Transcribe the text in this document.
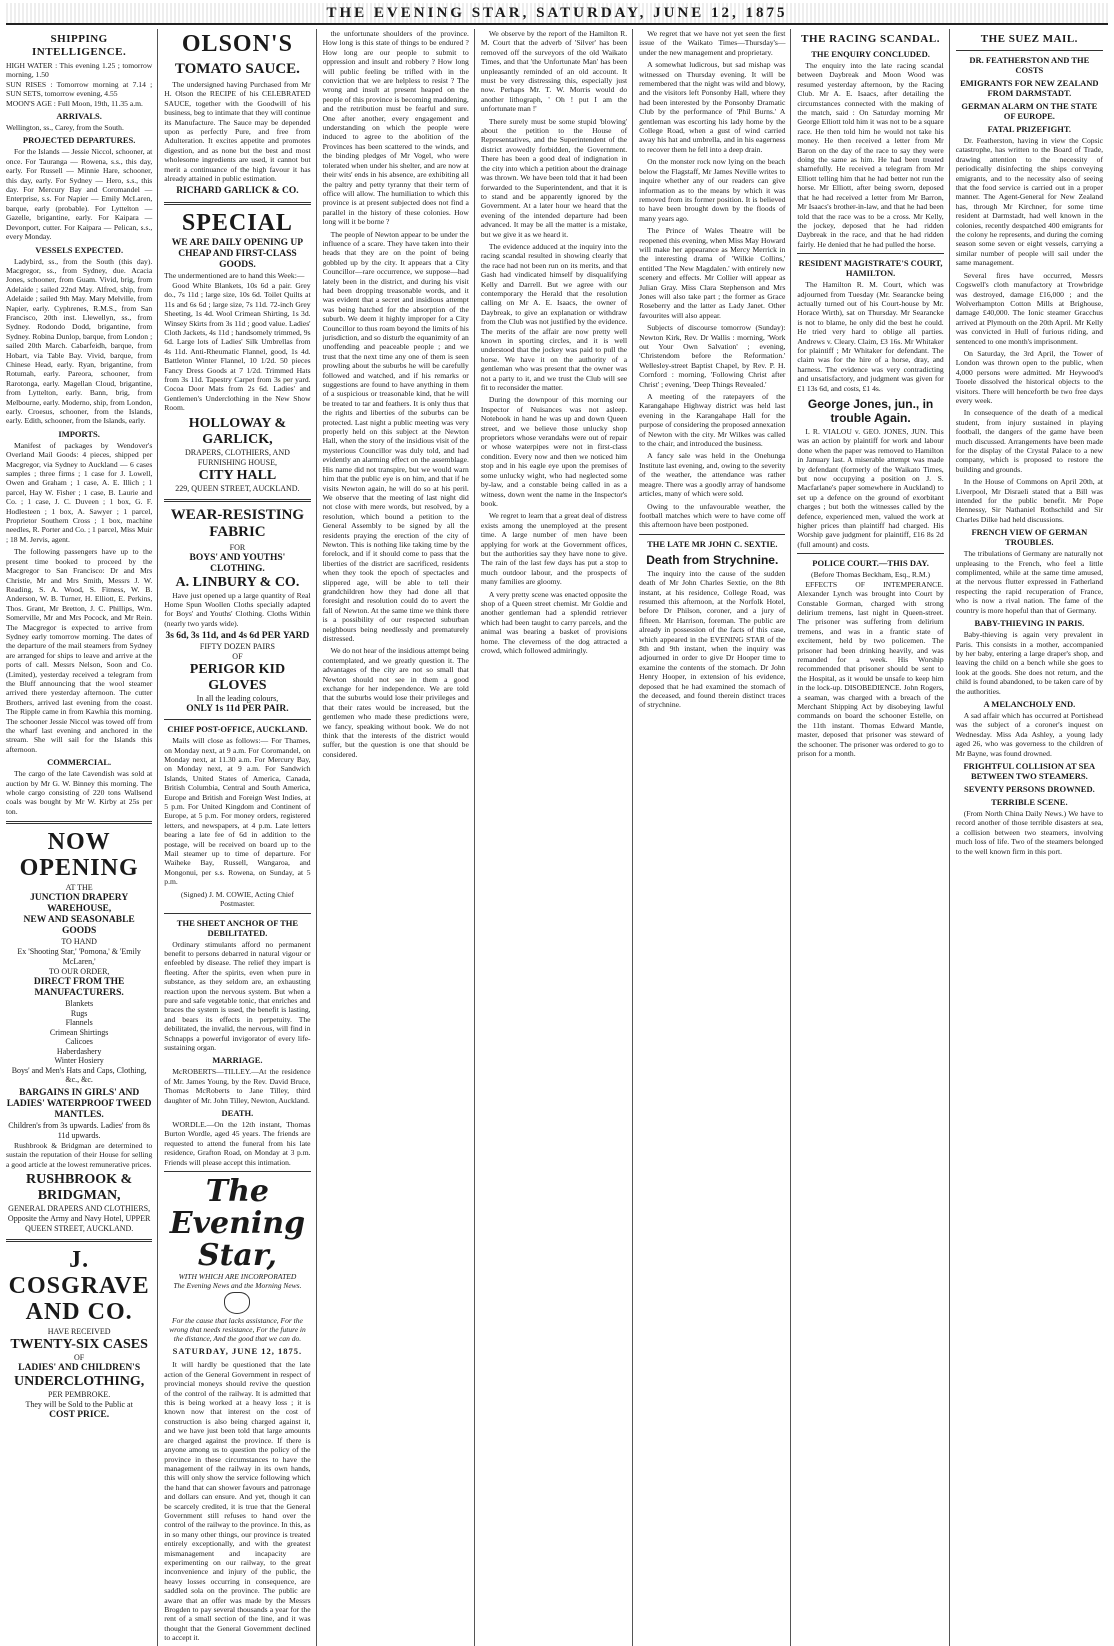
THE EVENING STAR, SATURDAY, JUNE 12, 1875
SHIPPING INTELLIGENCE.

HIGH WATER : This evening 1.25 ; tomorrow morning, 1.50

SUN RISES : Tomorrow morning at 7.14 ; SUN SETS, tomorrow evening, 4.55

MOON'S AGE : Full Moon, 19th, 11.35 a.m.

ARRIVALS.

Wellington, ss., Carey, from the South.

PROJECTED DEPARTURES.

For the Islands — Jessie Niccol, schooner, at once. For Tauranga — Rowena, s.s., this day, early. For Russell — Minnie Hare, schooner, this day, early. For Sydney — Hero, s.s., this day. For Mercury Bay and Coromandel — Enterprise, s.s. For Napier — Emily McLaren, barque, early (probable). For Lyttelton — Gazelle, brigantine, early. For Kaipara — Devonport, cutter. For Kaipara — Pelican, s.s., every Monday.

VESSELS EXPECTED.

Ladybird, ss., from the South (this day). Macgregor, ss., from Sydney, due. Acacia Jones, schooner, from Guam. Vivid, brig, from Adelaide ; sailed 22nd May. Alfred, ship, from Adelaide ; sailed 9th May. Mary Melville, from Napier, early. Cyphrenes, R.M.S., from San Francisco, 20th inst. Llewellyn, ss., from Sydney. Rodondo Dodd, brigantine, from Sydney. Robina Dunlop, barque, from London ; sailed 20th March. Cabarfeidh, barque, from Hobart, via Table Bay. Vivid, barque, from Chinese Head, early. Ryan, brigantine, from Rotumah, early. Pareora, schooner, from Rarotonga, early. Magellan Cloud, brigantine, from Lyttelton, early. Bann, brig, from Melbourne, early. Moderno, ship, from London, early. Croesus, schooner, from the Islands, early. Edith, schooner, from the Islands, early.

IMPORTS.

Manifest of packages by Wendover's Overland Mail Goods: 4 pieces, shipped per Macgregor, via Sydney to Auckland — 6 cases samples ; three firms ; 1 case for J. Lowell, Owen and Graham ; 1 case, A. E. Illich ; 1 parcel, Hay W. Fisher ; 1 case, B. Laurie and Co. ; 1 case, J. C. Duveen ; 1 box, G. F. Hodlesteen ; 1 box, A. Sawyer ; 1 parcel, Proprietor Southern Cross ; 1 box, machine needles, R. Porter and Co. ; 1 parcel, Miss Muir ; 18 M. Jervis, agent.

The following passengers have up to the present time booked to proceed by the Macgregor to San Francisco: Dr and Mrs Christie, Mr and Mrs Smith, Messrs J. W. Reading, S. A. Wood, S. Fitness, W. B. Anderson, W. B. Turner, H. Elliott, E. Perkins, Thos. Grant, Mr Bretton, J. C. Phillips, Wm. Somerville, Mr and Mrs Pocock, and Mr Rein. The Macgregor is expected to arrive from Sydney early tomorrow morning. The dates of the departure of the mail steamers from Sydney are arranged for ships to leave and arrive at the ports of call. Messrs Nelson, Soon and Co. (Limited), yesterday received a telegram from the Bluff announcing that the wool steamer arrived there yesterday afternoon. The cutter Brothers, arrived last evening from the coast. The Ripple came in from Kawhia this morning. The schooner Jessie Niccol was towed off from the wharf last evening and anchored in the stream. She will sail for the Islands this afternoon.

COMMERCIAL.

The cargo of the late Cavendish was sold at auction by Mr G. W. Binney this morning. The whole cargo consisting of 220 tons Wallsend coals was bought by Mr W. Kirby at 25s per ton.

NOW OPENING
AT THE
JUNCTION DRAPERY WAREHOUSE,
NEW AND SEASONABLE GOODS
TO HAND
Ex 'Shooting Star,' 'Pomona,' & 'Emily McLaren,'
TO OUR ORDER,
DIRECT FROM THE MANUFACTURERS.
Blankets
Rugs
Flannels
Crimean Shirtings
Calicoes
Haberdashery
Winter Hosiery
Boys' and Men's Hats and Caps, Clothing, &c., &c.
BARGAINS IN GIRLS' AND LADIES' WATERPROOF TWEED MANTLES.
Children's from 3s upwards. Ladies' from 8s 11d upwards.

Rushbrook & Bridgman are determined to sustain the reputation of their House for selling a good article at the lowest remunerative prices.

RUSHBROOK & BRIDGMAN,
GENERAL DRAPERS AND CLOTHIERS,
Opposite the Army and Navy Hotel, UPPER QUEEN STREET, AUCKLAND.
J. COSGRAVE AND CO.
HAVE RECEIVED
TWENTY-SIX CASES
OF
LADIES' AND CHILDREN'S
UNDERCLOTHING,
PER PEMBROKE.
They will be Sold to the Public at
COST PRICE.
OLSON'S
TOMATO SAUCE.

The undersigned having Purchased from Mr H. Olson the RECIPE of his CELEBRATED SAUCE, together with the Goodwill of his business, beg to intimate that they will continue its Manufacture. The Sauce may be depended upon as perfectly Pure, and free from Adulteration. It excites appetite and promotes digestion, and as none but the best and most wholesome ingredients are used, it cannot but merit a continuance of the high favour it has already attained in public estimation.

RICHARD GARLICK & CO.
SPECIAL
WE ARE DAILY OPENING UP CHEAP AND FIRST-CLASS GOODS.

The undermentioned are to hand this Week:—

Good White Blankets, 10s 6d a pair. Grey do., 7s 11d ; large size, 10s 6d. Toilet Quilts at 11s and 6s 6d ; large size, 7s 11d. 72-inch Grey Sheeting, 1s 4d. Wool Crimean Shirting, 1s 3d. Winsey Skirts from 3s 11d ; good value. Ladies' Cloth Jackets, 4s 11d ; handsomely trimmed, 9s 6d. Large lots of Ladies' Silk Umbrellas from 4s 11d. Anti-Rheumatic Flannel, good, 1s 4d. Battleton Winter Flannel, 10 1/2d. 50 pieces Fancy Dress Goods at 7 1/2d. Trimmed Hats from 3s 11d. Tapestry Carpet from 3s per yard. Cocoa Door Mats from 2s 6d. Ladies' and Gentlemen's Underclothing in the New Show Room.

HOLLOWAY & GARLICK,
DRAPERS, CLOTHIERS, AND FURNISHING HOUSE,
CITY HALL
229, QUEEN STREET, AUCKLAND.
WEAR-RESISTING FABRIC
FOR
BOYS' AND YOUTHS' CLOTHING.
A. LINBURY & CO.

Have just opened up a large quantity of Real Home Spun Woollen Cloths specially adapted for Boys' and Youths' Clothing. Cloths Within (nearly two yards wide).

3s 6d, 3s 11d, and 4s 6d PER YARD
FIFTY DOZEN PAIRS
OF
PERIGOR KID GLOVES
In all the leading colours,
ONLY 1s 11d PER PAIR.
CHIEF POST-OFFICE, AUCKLAND.

Mails will close as follows:— For Thames, on Monday next, at 9 a.m. For Coromandel, on Monday next, at 11.30 a.m. For Mercury Bay, on Monday next, at 9 a.m. For Sandwich Islands, United States of America, Canada, British Columbia, Central and South America, Europe and British and Foreign West Indies, at 5 p.m. For United Kingdom and Continent of Europe, at 5 p.m. For money orders, registered letters, and newspapers, at 4 p.m. Late letters bearing a late fee of 6d in addition to the postage, will be received on board up to the Mail steamer up to time of departure. For Waiheke Bay, Russell, Wangaroa, and Mongonui, per s.s. Rowena, on Sunday, at 5 p.m.

(Signed) J. M. COWIE, Acting Chief Postmaster.

THE SHEET ANCHOR OF THE DEBILITATED.

Ordinary stimulants afford no permanent benefit to persons debarred in natural vigour or enfeebled by disease. The relief they impart is fleeting. After the spirits, even when pure in substance, as they seldom are, an exhausting reaction upon the nervous system. But when a pure and safe vegetable tonic, that enriches and braces the system is used, the benefit is lasting, and bears its effects in perpetuity. The debilitated, the invalid, the nervous, will find in Schnapps a powerful invigorator of every life-sustaining organ.

MARRIAGE.

McROBERTS—TILLEY.—At the residence of Mr. James Young, by the Rev. David Bruce, Thomas McRoberts to Jane Tilley, third daughter of Mr. John Tilley, Newton, Auckland.

DEATH.

WORDLE.—On the 12th instant, Thomas Burton Wordle, aged 45 years. The friends are requested to attend the funeral from his late residence, Grafton Road, on Monday at 3 p.m. Friends will please accept this intimation.

The Evening Star,
WITH WHICH ARE INCORPORATED
The Evening News and the Morning News.
For the cause that lacks assistance, For the wrong that needs resistance, For the future in the distance, And the good that we can do.
SATURDAY, JUNE 12, 1875.

It will hardly be questioned that the late action of the General Government in respect of provincial moneys should revive the question of the control of the railway. It is admitted that this is being worked at a heavy loss ; it is known now that interest on the cost of construction is also being charged against it, and we have just been told that large amounts are charged against the province. If there is anyone among us to question the policy of the province in these circumstances to have the management of the railway in its own hands, this will only show the service following which the hand that can shower favours and patronage and dollars can ensure. And yet, though it can be scarcely credited, it is true that the General Government still refuses to hand over the control of the railway to the province. In this, as in so many other things, our province is treated entirely exceptionally, and with the greatest mismanagement and incapacity are experimenting on our railway, to the great inconvenience and injury of the public, the heavy losses occurring in consequence, are saddled sola on the province. The public are aware that an offer was made by the Messrs Brogden to pay several thousands a year for the rent of a small section of the line, and it was thought that the General Government declined to accept it.

the unfortunate shoulders of the province. How long is this state of things to be endured ? How long are our people to submit to oppression and insult and robbery ? How long will public feeling be trifled with in the conviction that we are helpless to resist ? The wrong and insult at present heaped on the people of this province is becoming maddening, and the retribution must be fearful and sure. One after another, every engagement and understanding on which the people were induced to agree to the abolition of the Provinces has been scattered to the winds, and the binding pledges of Mr Vogel, who were tolerated when under his shelter, and are now at their wits' ends in his absence, are exhibiting all the paltry and petty tyranny that their term of office will allow. The humiliation to which this province is at present subjected does not find a parallel in the history of these colonies. How long will it be borne ?

The people of Newton appear to be under the influence of a scare. They have taken into their heads that they are on the point of being gobbled up by the city. It appears that a City Councillor—rare occurrence, we suppose—had lately been in the district, and during his visit had been dropping treasonable words, and it was evident that a secret and insidious attempt was being hatched for the absorption of the suburb. We deem it highly improper for a City Councillor to thus roam beyond the limits of his jurisdiction, and so disturb the equanimity of an unoffending and peaceable people ; and we trust that the next time any one of them is seen prowling about the suburbs he will be carefully followed and watched, and if his remarks or suggestions are found to have anything in them of a suspicious or treasonable kind, that he will be treated to tar and feathers. It is only thus that the rights and liberties of the suburbs can be protected. Last night a public meeting was very properly held on this subject at the Newton Hall, when the story of the insidious visit of the mysterious Councillor was duly told, and had evidently an alarming effect on the assemblage. His name did not transpire, but we would warn him that the public eye is on him, and that if he visits Newton again, he will do so at his peril. We observe that the meeting of last night did not close with mere words, but resolved, by a resolution, which bound a petition to the General Assembly to be signed by all the residents praying the erection of the city of Newton. This is nothing like taking time by the forelock, and if it should come to pass that the liberties of the district are sacrificed, residents when they took the epoch of spectacles and slippered age, will be able to tell their grandchildren how they had done all that foresight and resolution could do to avert the fall of Newton. At the same time we think there is a possibility of our respected suburban neighbours being needlessly and prematurely distressed.

We do not hear of the insidious attempt being contemplated, and we greatly question it. The advantages of the city are not so small that Newton should not see in them a good exchange for her independence. We are told that the suburbs would lose their privileges and that their rates would be increased, but the gentlemen who made these predictions were, we fancy, speaking without book. We do not think that the interests of the district would suffer, but the question is one that should be considered.

We observe by the report of the Hamilton R. M. Court that the adverb of 'Silver' has been removed off the surveyors of the old Waikato Times, and that 'the Unfortunate Man' has been unpleasantly reminded of an old account. It must be very distressing this, especially just now. Perhaps Mr. T. W. Morris would do another lithograph, ' Oh ! put I am the unfortunate man !'

There surely must be some stupid 'blowing' about the petition to the House of Representatives, and the Superintendent of the district avowedly forbidden, the Government. There has been a good deal of indignation in the city into which a petition about the drainage was thrown. We have been told that it had been forwarded to the Superintendent, and that it is to stand and be apparently ignored by the Government. At a later hour we heard that the evening of the intended departure had been advanced. It may be all the matter is a mistake, but we give it as we heard it.

The evidence adduced at the inquiry into the racing scandal resulted in showing clearly that the race had not been run on its merits, and that Gash had vindicated himself by disqualifying Kelly and Darrell. But we agree with our contemporary the Herald that the resolution calling on Mr A. E. Isaacs, the owner of Daybreak, to give an explanation or withdraw from the Club was not justified by the evidence. The merits of the affair are now pretty well known in sporting circles, and it is well understood that the jockey was paid to pull the horse. We have it on the authority of a gentleman who was present that the owner was not a party to it, and we trust the Club will see fit to reconsider the matter.

During the downpour of this morning our Inspector of Nuisances was not asleep. Notebook in hand he was up and down Queen street, and we believe those unlucky shop proprietors whose verandahs were out of repair or whose waterpipes were not in first-class condition. Every now and then we noticed him stop and in his eagle eye upon the premises of some unlucky wight, who had neglected some by-law, and a constable being called in as a witness, down went the name in the Inspector's book.

We regret to learn that a great deal of distress exists among the unemployed at the present time. A large number of men have been applying for work at the Government offices, but the authorities say they have none to give. The rain of the last few days has put a stop to much outdoor labour, and the prospects of many families are gloomy.

A very pretty scene was enacted opposite the shop of a Queen street chemist. Mr Goldie and another gentleman had a splendid retriever which had been taught to carry parcels, and the animal was bearing a basket of provisions home. The cleverness of the dog attracted a crowd, which followed admiringly.

We regret that we have not yet seen the first issue of the Waikato Times—Thursday's—under the new management and proprietary.

A somewhat ludicrous, but sad mishap was witnessed on Thursday evening. It will be remembered that the night was wild and blowy, and the visitors left Ponsonby Hall, where they had been interested by the Ponsonby Dramatic Club by the performance of 'Phil Burns.' A gentleman was escorting his lady home by the College Road, when a gust of wind carried away his hat and umbrella, and in his eagerness to recover them he fell into a deep drain.

On the monster rock now lying on the beach below the Flagstaff, Mr James Neville writes to inquire whether any of our readers can give information as to the means by which it was removed from its former position. It is believed to have been brought down by the floods of many years ago.

The Prince of Wales Theatre will be reopened this evening, when Miss May Howard will make her appearance as Mercy Merrick in the interesting drama of 'Wilkie Collins,' entitled 'The New Magdalen.' with entirely new scenery and effects. Mr Collier will appear as Julian Gray. Miss Clara Stephenson and Mrs Jones will also take part ; the former as Grace Roseberry and the latter as Lady Janet. Other favourites will also appear.

Subjects of discourse tomorrow (Sunday): Newton Kirk, Rev. Dr Wallis : morning, 'Work out Your Own Salvation' ; evening, 'Christendom before the Reformation.' Wellesley-street Baptist Chapel, by Rev. P. H. Cornford : morning, 'Following Christ after Christ' ; evening, 'Deep Things Revealed.'

A meeting of the ratepayers of the Karangahape Highway district was held last evening in the Karangahape Hall for the purpose of considering the proposed annexation of Newton with the city. Mr Wilkes was called to the chair, and introduced the business.

A fancy sale was held in the Onehunga Institute last evening, and, owing to the severity of the weather, the attendance was rather meagre. There was a goodly array of handsome articles, many of which were sold.

Owing to the unfavourable weather, the football matches which were to have come off this afternoon have been postponed.

THE LATE MR JOHN C. SEXTIE.
Death from Strychnine.

The inquiry into the cause of the sudden death of Mr John Charles Sextie, on the 8th instant, at his residence, College Road, was resumed this afternoon, at the Norfolk Hotel, before Dr Philson, coroner, and a jury of fifteen. Mr Harrison, foreman. The public are already in possession of the facts of this case, which appeared in the EVENING STAR of the 8th and 9th instant, when the inquiry was adjourned in order to give Dr Hooper time to examine the contents of the stomach. Dr John Henry Hooper, in extension of his evidence, deposed that he had examined the stomach of the deceased, and found therein distinct traces of strychnine.

THE RACING SCANDAL.
THE ENQUIRY CONCLUDED.

The enquiry into the late racing scandal between Daybreak and Moon Wood was resumed yesterday afternoon, by the Racing Club. Mr A. E. Isaacs, after detailing the circumstances connected with the making of the match, said : On Saturday morning Mr George Elliott told him it was not to be a square race. He then told him he would not take his money. He then received a letter from Mr Baron on the day of the race to say they were doing the same as him. He had been treated shamefully. He received a telegram from Mr Elliott telling him that he had better not run the horse. Mr Elliott, after being sworn, deposed that he had received a letter from Mr Barron, Mr Isaacs's brother-in-law, and that he had been told that the race was to be a cross. Mr Kelly, the jockey, deposed that he had ridden Daybreak in the race, and that he had ridden fairly. He denied that he had pulled the horse.

RESIDENT MAGISTRATE'S COURT, HAMILTON.

The Hamilton R. M. Court, which was adjourned from Tuesday (Mr. Searancke being actually turned out of his Court-house by Mr. Horace Wirth), sat on Thursday. Mr Searancke is not to blame, he only did the best he could. He tried very hard to oblige all parties. Andrews v. Cleary. Claim, £3 16s. Mr Whitaker for plaintiff ; Mr Whitaker for defendant. The claim was for the hire of a horse, dray, and harness. The evidence was very contradicting and unsatisfactory, and judgment was given for £1 13s 6d, and costs, £1 4s.

George Jones, jun., in trouble Again.

I. R. VIALOU v. GEO. JONES, JUN. This was an action by plaintiff for work and labour done when the paper was removed to Hamilton in January last. A miserable attempt was made by defendant (formerly of the Waikato Times, but now occupying a position on J. S. Macfarlane's paper somewhere in Auckland) to set up a defence on the ground of exorbitant charges ; but both the witnesses called by the defence, experienced men, valued the work at higher prices than plaintiff had charged. His Worship gave judgment for plaintiff, £16 8s 2d (full amount) and costs.

POLICE COURT.—THIS DAY.

(Before Thomas Beckham, Esq., R.M.)

EFFECTS OF INTEMPERANCE. Alexander Lynch was brought into Court by Constable Gorman, charged with strong delirium tremens, last night in Queen-street. The prisoner was suffering from delirium tremens, and was in a frantic state of excitement, held by two policemen. The prisoner had been drinking heavily, and was remanded for a week. His Worship recommended that prisoner should be sent to the Hospital, as it would be unsafe to keep him in the lock-up. DISOBEDIENCE. John Rogers, a seaman, was charged with a breach of the Merchant Shipping Act by disobeying lawful commands on board the schooner Estelle, on the 11th instant. Thomas Edward Mantle, master, deposed that prisoner was steward of the schooner. The prisoner was ordered to go to prison for a month.

THE SUEZ MAIL.
DR. FEATHERSTON AND THE COSTS
EMIGRANTS FOR NEW ZEALAND FROM DARMSTADT.
GERMAN ALARM ON THE STATE OF EUROPE.
FATAL PRIZEFIGHT.

Dr. Featherston, having in view the Copsic catastrophe, has written to the Board of Trade, drawing attention to the necessity of periodically disinfecting the ships conveying emigrants, and to the necessity also of seeing that the food service is carried out in a proper manner. The Agent-General for New Zealand has, through Mr Kirchner, for some time resident at Darmstadt, had well known in the colonies, recently despatched 400 emigrants for the colony he represents, and during the coming season some seven or eight vessels, carrying a similar number of people will sail under the same management.

Several fires have occurred, Messrs Cogswell's cloth manufactory at Trowbridge was destroyed, damage £16,000 ; and the Wolverhampton Cotton Mills at Brighouse, damage £40,000. The Ionic steamer Gracchus arrived at Plymouth on the 20th April. Mr Kelly was convicted in Hull of furious riding, and sentenced to one month's imprisonment.

On Saturday, the 3rd April, the Tower of London was thrown open to the public, when 4,000 persons were admitted. Mr Heywood's Tooele dissolved the historical objects to the visitors. There will henceforth be two free days every week.

In consequence of the death of a medical student, from injury sustained in playing football, the dangers of the game have been much discussed. Arrangements have been made for the display of the Crystal Palace to a new company, which is proposed to restore the building and grounds.

In the House of Commons on April 20th, at Liverpool, Mr Disraeli stated that a Bill was intended for the public benefit. Mr Pope Hennessy, Sir Nathaniel Rothschild and Sir Charles Dilke had held discussions.

FRENCH VIEW OF GERMAN TROUBLES.

The tribulations of Germany are naturally not unpleasing to the French, who feel a little complimented, while at the same time amused, at the nervous flutter expressed in Fatherland respecting the rapid recuperation of France, who is now a rival nation. The fame of the country is more hopeful than that of Germany.

BABY-THIEVING IN PARIS.

Baby-thieving is again very prevalent in Paris. This consists in a mother, accompanied by her baby, entering a large draper's shop, and leaving the child on a bench while she goes to look at the goods. She does not return, and the child is found abandoned, to be taken care of by the authorities.

A MELANCHOLY END.

A sad affair which has occurred at Portishead was the subject of a coroner's inquest on Wednesday. Miss Ada Ashley, a young lady aged 26, who was governess to the children of Mr Bayne, was found drowned.

FRIGHTFUL COLLISION AT SEA BETWEEN TWO STEAMERS.
SEVENTY PERSONS DROWNED.
TERRIBLE SCENE.

(From North China Daily News.) We have to record another of those terrible disasters at sea, a collision between two steamers, involving much loss of life. Two of the steamers belonged to the well known firm in this port.
